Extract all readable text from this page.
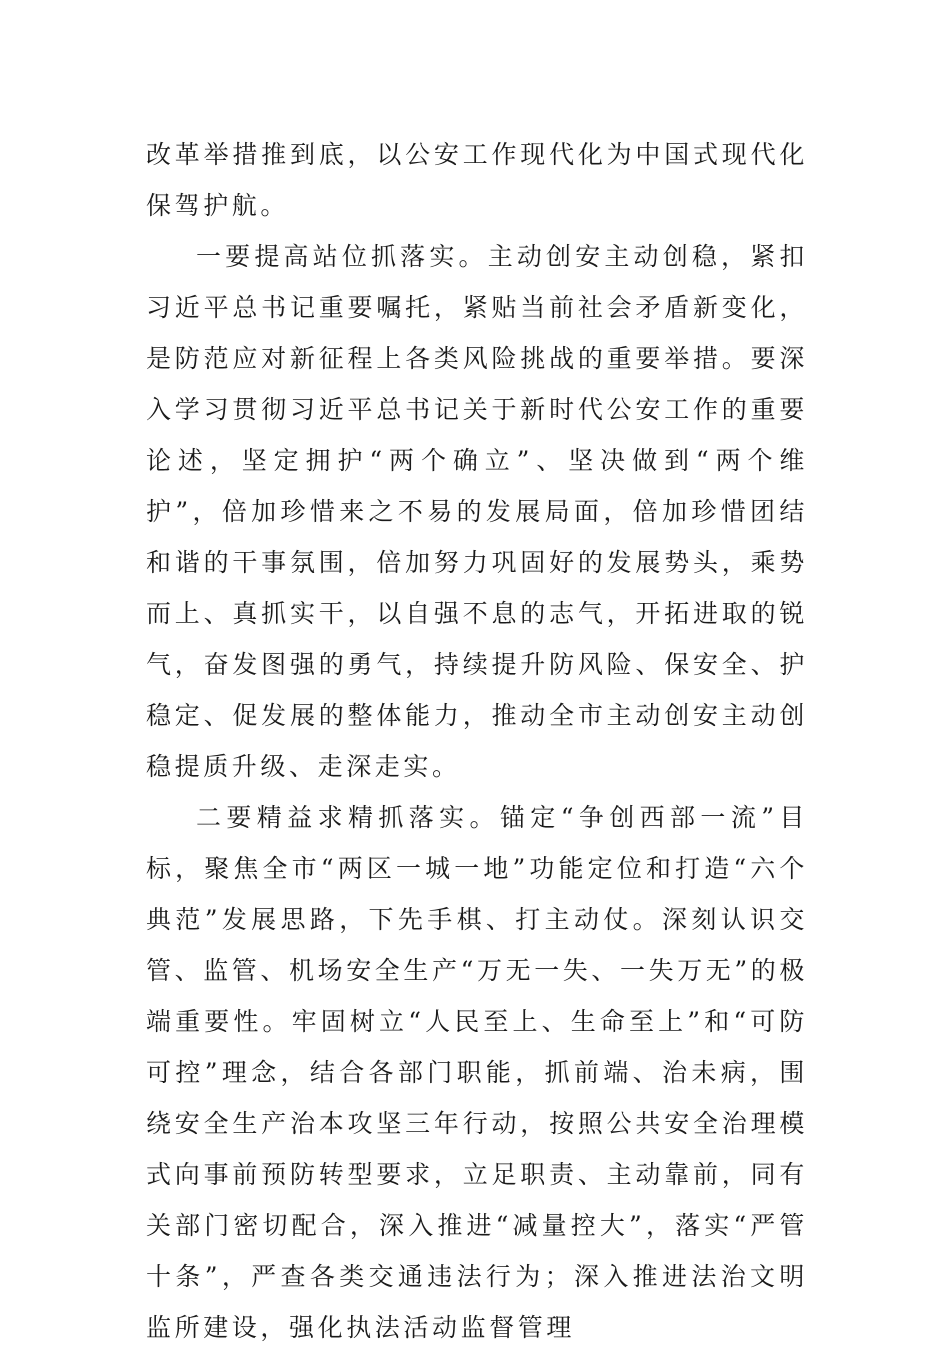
改革举措推到底，以公安工作现代化为中国式现代化保驾护航。

一要提高站位抓落实。主动创安主动创稳，紧扣习近平总书记重要嘱托，紧贴当前社会矛盾新变化，是防范应对新征程上各类风险挑战的重要举措。要深入学习贯彻习近平总书记关于新时代公安工作的重要论述，坚定拥护“两个确立”、坚决做到“两个维护”，倍加珍惜来之不易的发展局面，倍加珍惜团结和谐的干事氛围，倍加努力巩固好的发展势头，乘势而上、真抓实干，以自强不息的志气，开拓进取的锐气，奋发图强的勇气，持续提升防风险、保安全、护稳定、促发展的整体能力，推动全市主动创安主动创稳提质升级、走深走实。

二要精益求精抓落实。锚定“争创西部一流”目标，聚焦全市“两区一城一地”功能定位和打造“六个典范”发展思路，下先手棋、打主动仗。深刻认识交管、监管、机场安全生产“万无一失、一失万无”的极端重要性。牢固树立“人民至上、生命至上”和“可防可控”理念，结合各部门职能，抓前端、治未病，围绕安全生产治本攻坚三年行动，按照公共安全治理模式向事前预防转型要求，立足职责、主动靠前，同有关部门密切配合，深入推进“减量控大”，落实“严管十条”，严查各类交通违法行为；深入推进法治文明监所建设，强化执法活动监督管理
